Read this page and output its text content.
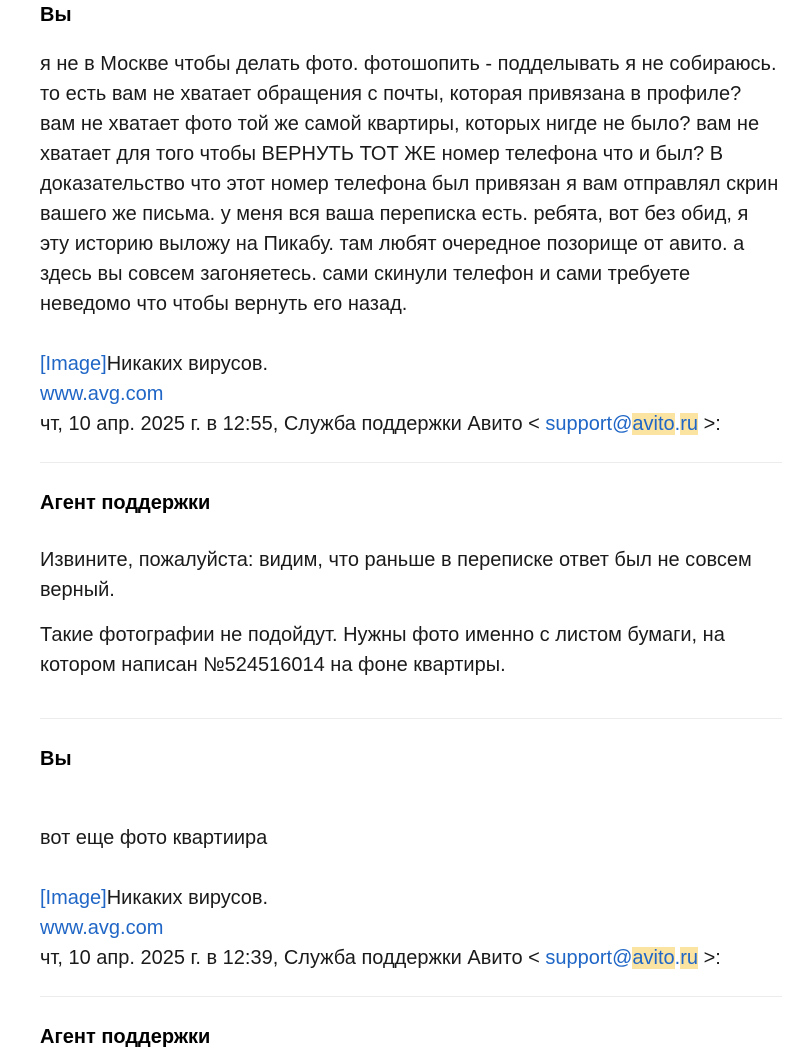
Вы

я не в Москве чтобы делать фото. фотошопить - подделывать я не собираюсь. то есть вам не хватает обращения с почты, которая привязана в профиле? вам не хватает фото той же самой квартиры, которых нигде не было? вам не хватает для того чтобы ВЕРНУТЬ ТОТ ЖЕ номер телефона что и был? В доказательство что этот номер телефона был привязан я вам отправлял скрин вашего же письма. у меня вся ваша переписка есть. ребята, вот без обид, я эту историю выложу на Пикабу. там любят очередное позорище от авито. а здесь вы совсем загоняетесь. сами скинули телефон и сами требуете неведомо что чтобы вернуть его назад.

[Image]Никаких вирусов.
www.avg.com
чт, 10 апр. 2025 г. в 12:55, Служба поддержки Авито < support@avito.ru >:
Агент поддержки

Извините, пожалуйста: видим, что раньше в переписке ответ был не совсем верный.

Такие фотографии не подойдут. Нужны фото именно с листом бумаги, на котором написан №524516014 на фоне квартиры.

Вы

вот еще фото квартиира

[Image]Никаких вирусов.
www.avg.com
чт, 10 апр. 2025 г. в 12:39, Служба поддержки Авито < support@avito.ru >:
Агент поддержки
